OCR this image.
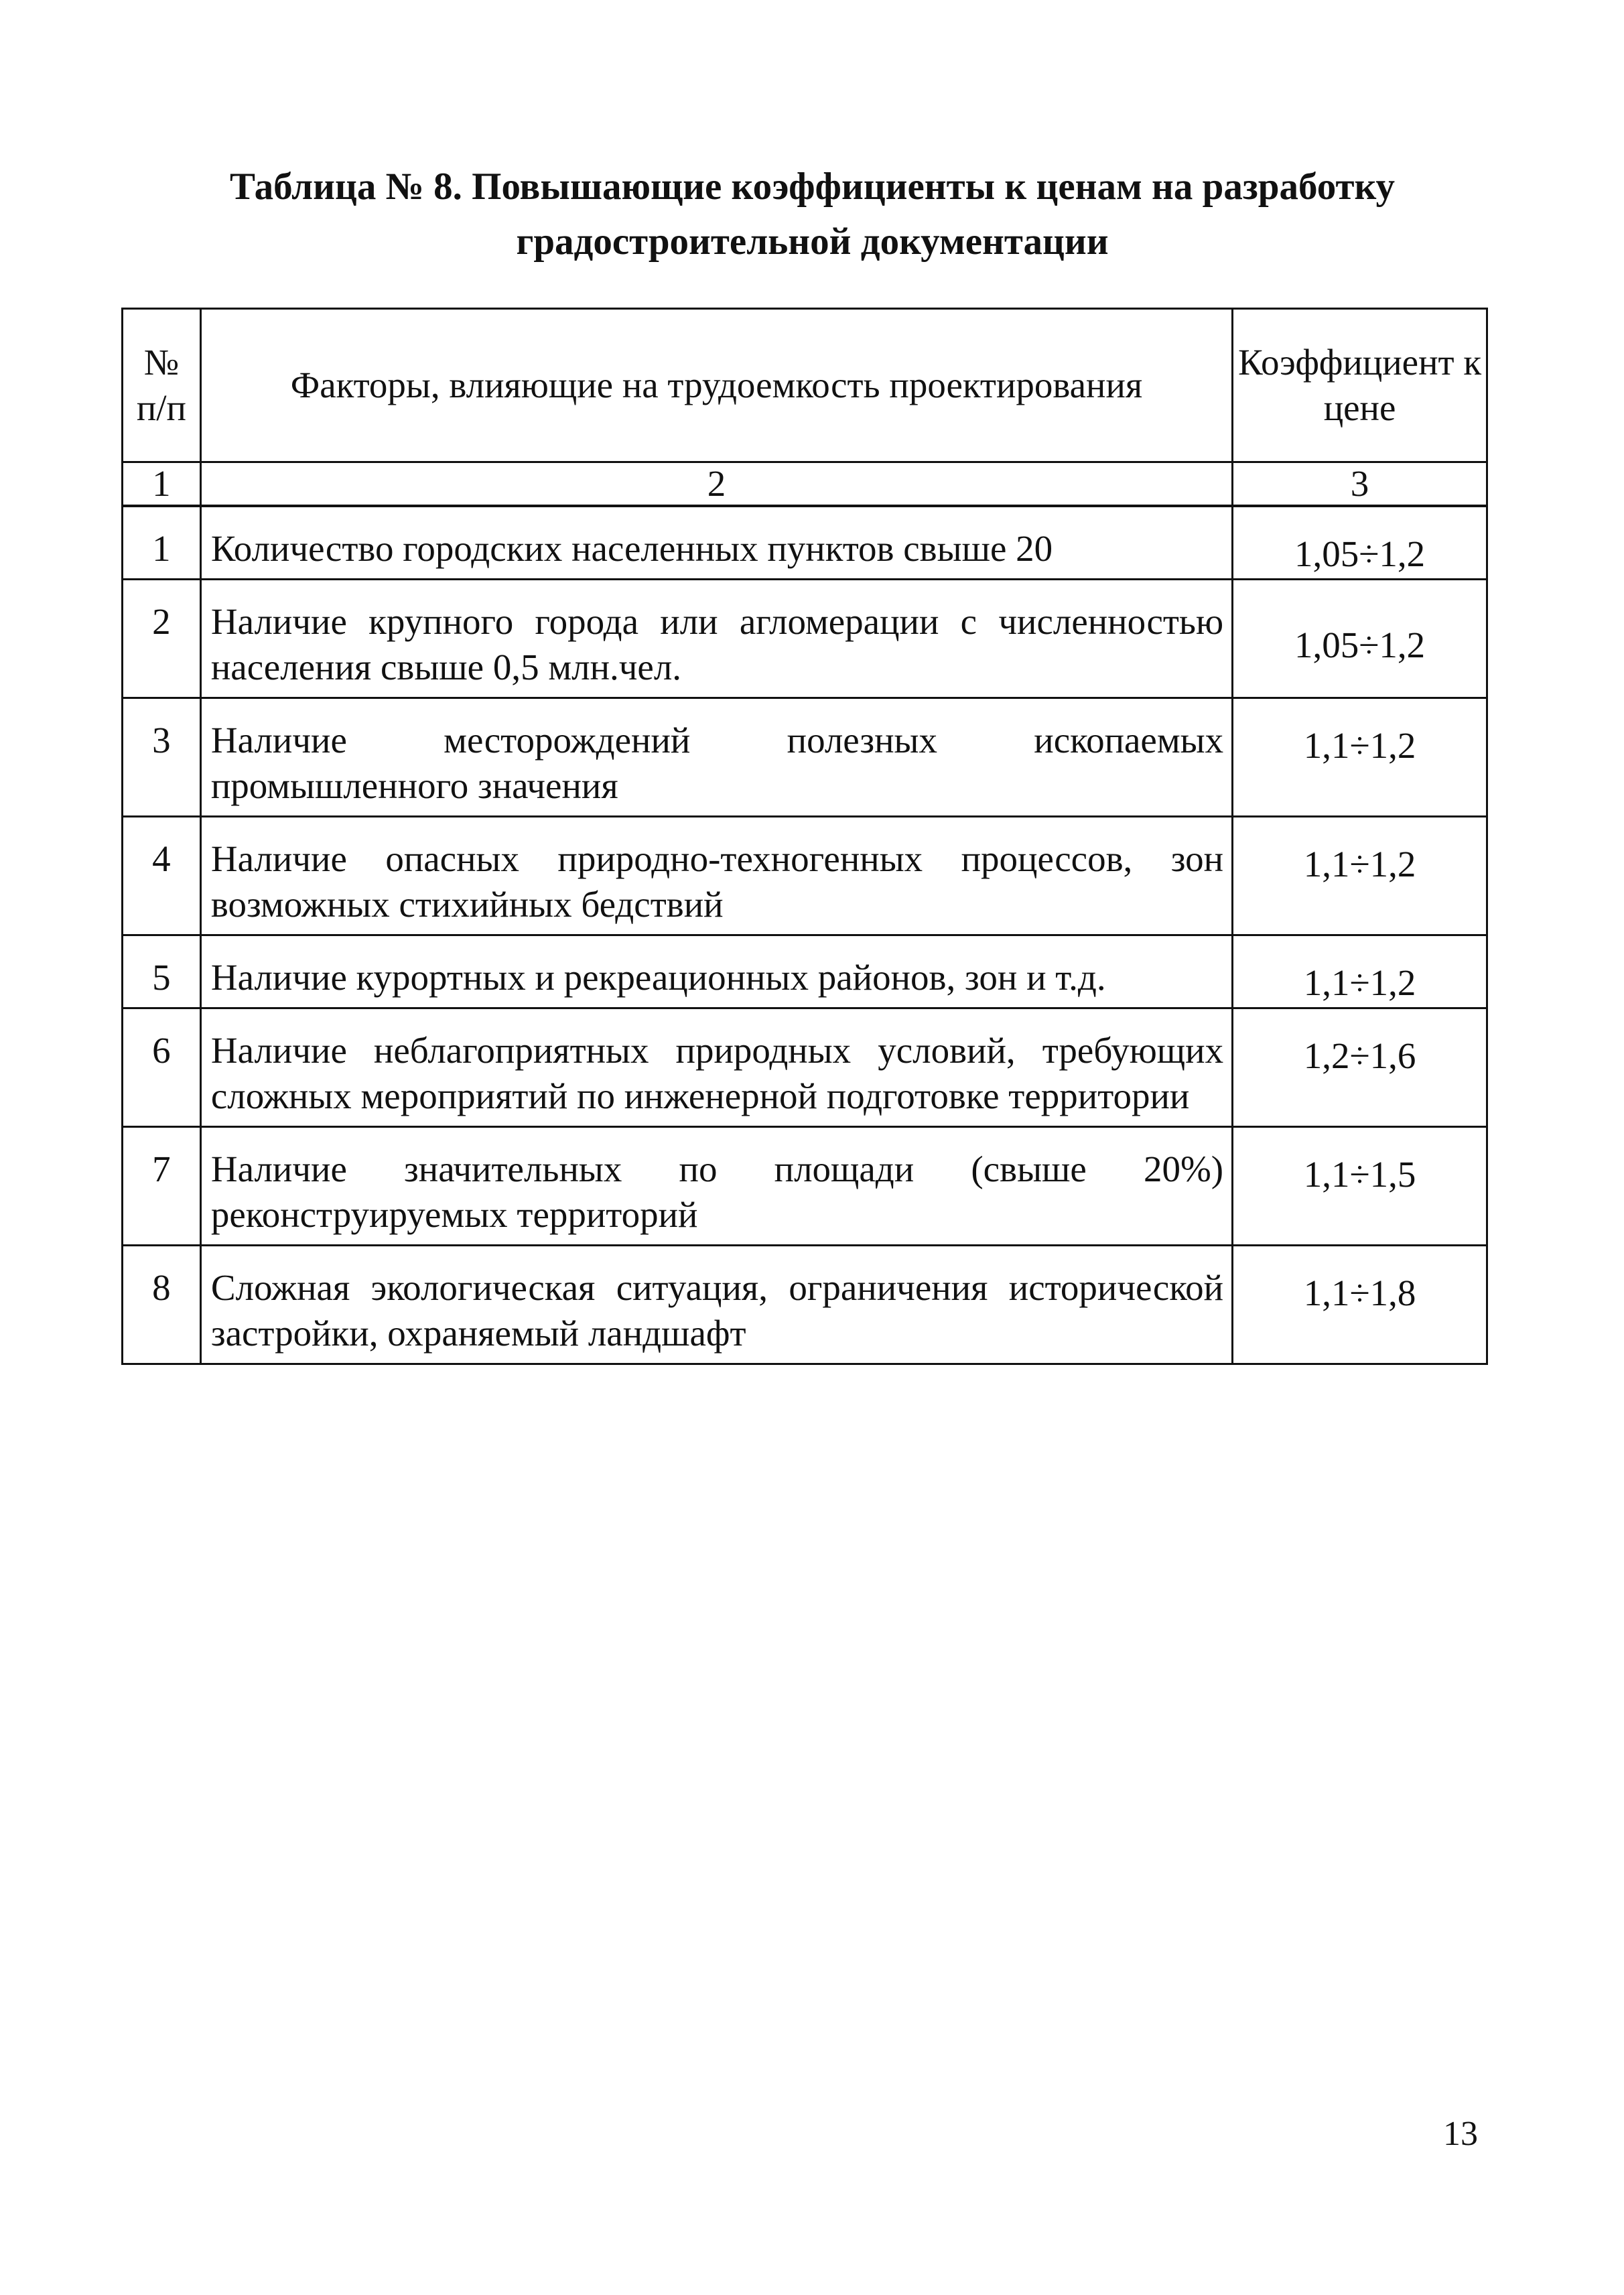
Таблица № 8. Повышающие коэффициенты к ценам на разработку
градостроительной документации
№ п/п	Факторы, влияющие на трудоемкость проектирования	Коэффициент к цене
1	2	3
1	Количество городских населенных пунктов свыше 20	1,05÷1,2
2	Наличие крупного города или агломерации с численностью населения свыше 0,5 млн.чел.	1,05÷1,2
3	Наличие месторождений полезных ископаемых промышленного значения	1,1÷1,2
4	Наличие опасных природно-техногенных процессов, зон возможных стихийных бедствий	1,1÷1,2
5	Наличие курортных и рекреационных районов, зон и т.д.	1,1÷1,2
6	Наличие неблагоприятных природных условий, требующих сложных мероприятий по инженерной подготовке территории	1,2÷1,6
7	Наличие значительных по площади (свыше 20%) реконструируемых территорий	1,1÷1,5
8	Сложная экологическая ситуация, ограничения исторической застройки, охраняемый ландшафт	1,1÷1,8
13
